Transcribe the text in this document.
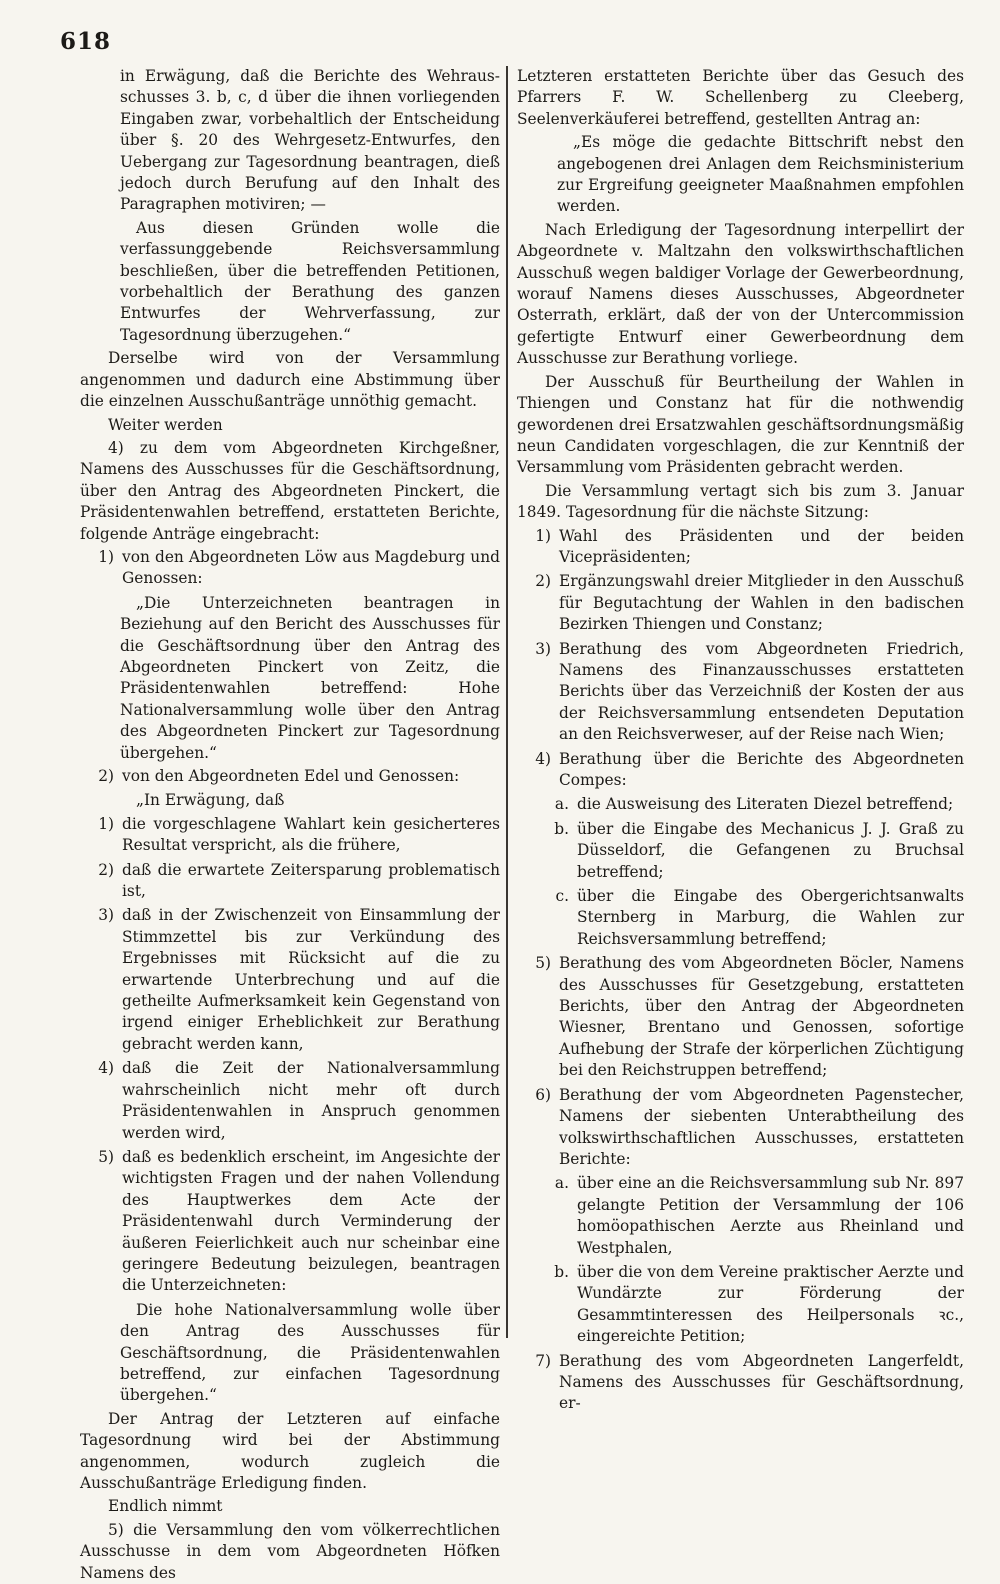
618

in Erwägung, daß die Berichte des Wehraus-schusses 3. b, c, d über die ihnen vorliegenden Eingaben zwar, vorbehaltlich der Entscheidung über §. 20 des Wehrgesetz-Entwurfes, den Uebergang zur Tagesordnung beantragen, dieß jedoch durch Berufung auf den Inhalt des Paragraphen motiviren; —

Aus diesen Gründen wolle die verfassunggebende Reichsversammlung beschließen, über die betreffenden Petitionen, vorbehaltlich der Berathung des ganzen Entwurfes der Wehrverfassung, zur Tagesordnung überzugehen.“

Derselbe wird von der Versammlung angenommen und dadurch eine Abstimmung über die einzelnen Ausschußanträge unnöthig gemacht.

Weiter werden

4) zu dem vom Abgeordneten Kirchgeßner, Namens des Ausschusses für die Geschäftsordnung, über den Antrag des Abgeordneten Pinckert, die Präsidentenwahlen betreffend, erstatteten Berichte, folgende Anträge eingebracht:

1) von den Abgeordneten Löw aus Magdeburg und Genossen:

„Die Unterzeichneten beantragen in Beziehung auf den Bericht des Ausschusses für die Geschäftsordnung über den Antrag des Abgeordneten Pinckert von Zeitz, die Präsidentenwahlen betreffend: Hohe Nationalversammlung wolle über den Antrag des Abgeordneten Pinckert zur Tagesordnung übergehen.“

2) von den Abgeordneten Edel und Genossen:

„In Erwägung, daß

1) die vorgeschlagene Wahlart kein gesicherteres Resultat verspricht, als die frühere,
2) daß die erwartete Zeitersparung problematisch ist,
3) daß in der Zwischenzeit von Einsammlung der Stimmzettel bis zur Verkündung des Ergebnisses mit Rücksicht auf die zu erwartende Unterbrechung und auf die getheilte Aufmerksamkeit kein Gegenstand von irgend einiger Erheblichkeit zur Berathung gebracht werden kann,
4) daß die Zeit der Nationalversammlung wahrscheinlich nicht mehr oft durch Präsidentenwahlen in Anspruch genommen werden wird,
5) daß es bedenklich erscheint, im Angesichte der wichtigsten Fragen und der nahen Vollendung des Hauptwerkes dem Acte der Präsidentenwahl durch Verminderung der äußeren Feierlichkeit auch nur scheinbar eine geringere Bedeutung beizulegen, beantragen die Unterzeichneten:

Die hohe Nationalversammlung wolle über den Antrag des Ausschusses für Geschäftsordnung, die Präsidentenwahlen betreffend, zur einfachen Tagesordnung übergehen.“

Der Antrag der Letzteren auf einfache Tagesordnung wird bei der Abstimmung angenommen, wodurch zugleich die Ausschußanträge Erledigung finden.

Endlich nimmt

5) die Versammlung den vom völkerrechtlichen Ausschusse in dem vom Abgeordneten Höfken Namens des

Letzteren erstatteten Berichte über das Gesuch des Pfarrers F. W. Schellenberg zu Cleeberg, Seelenverkäuferei betreffend, gestellten Antrag an:

„Es möge die gedachte Bittschrift nebst den angebogenen drei Anlagen dem Reichsministerium zur Ergreifung geeigneter Maaßnahmen empfohlen werden.

Nach Erledigung der Tagesordnung interpellirt der Abgeordnete v. Maltzahn den volkswirthschaftlichen Ausschuß wegen baldiger Vorlage der Gewerbeordnung, worauf Namens dieses Ausschusses, Abgeordneter Osterrath, erklärt, daß der von der Untercommission gefertigte Entwurf einer Gewerbeordnung dem Ausschusse zur Berathung vorliege.

Der Ausschuß für Beurtheilung der Wahlen in Thiengen und Constanz hat für die nothwendig gewordenen drei Ersatzwahlen geschäftsordnungsmäßig neun Candidaten vorgeschlagen, die zur Kenntniß der Versammlung vom Präsidenten gebracht werden.

Die Versammlung vertagt sich bis zum 3. Januar 1849. Tagesordnung für die nächste Sitzung:

1) Wahl des Präsidenten und der beiden Vicepräsidenten;
2) Ergänzungswahl dreier Mitglieder in den Ausschuß für Begutachtung der Wahlen in den badischen Bezirken Thiengen und Constanz;
3) Berathung des vom Abgeordneten Friedrich, Namens des Finanzausschusses erstatteten Berichts über das Verzeichniß der Kosten der aus der Reichsversammlung entsendeten Deputation an den Reichsverweser, auf der Reise nach Wien;
4) Berathung über die Berichte des Abgeordneten Compes:
a. die Ausweisung des Literaten Diezel betreffend;
b. über die Eingabe des Mechanicus J. J. Graß zu Düsseldorf, die Gefangenen zu Bruchsal betreffend;
c. über die Eingabe des Obergerichtsanwalts Sternberg in Marburg, die Wahlen zur Reichsversammlung betreffend;
5) Berathung des vom Abgeordneten Böcler, Namens des Ausschusses für Gesetzgebung, erstatteten Berichts, über den Antrag der Abgeordneten Wiesner, Brentano und Genossen, sofortige Aufhebung der Strafe der körperlichen Züchtigung bei den Reichstruppen betreffend;
6) Berathung der vom Abgeordneten Pagenstecher, Namens der siebenten Unterabtheilung des volkswirthschaftlichen Ausschusses, erstatteten Berichte:
a. über eine an die Reichsversammlung sub Nr. 897 gelangte Petition der Versammlung der 106 homöopathischen Aerzte aus Rheinland und Westphalen,
b. über die von dem Vereine praktischer Aerzte und Wundärzte zur Förderung der Gesammtinteressen des Heilpersonals ꝛc., eingereichte Petition;
7) Berathung des vom Abgeordneten Langerfeldt, Namens des Ausschusses für Geschäftsordnung, er-
